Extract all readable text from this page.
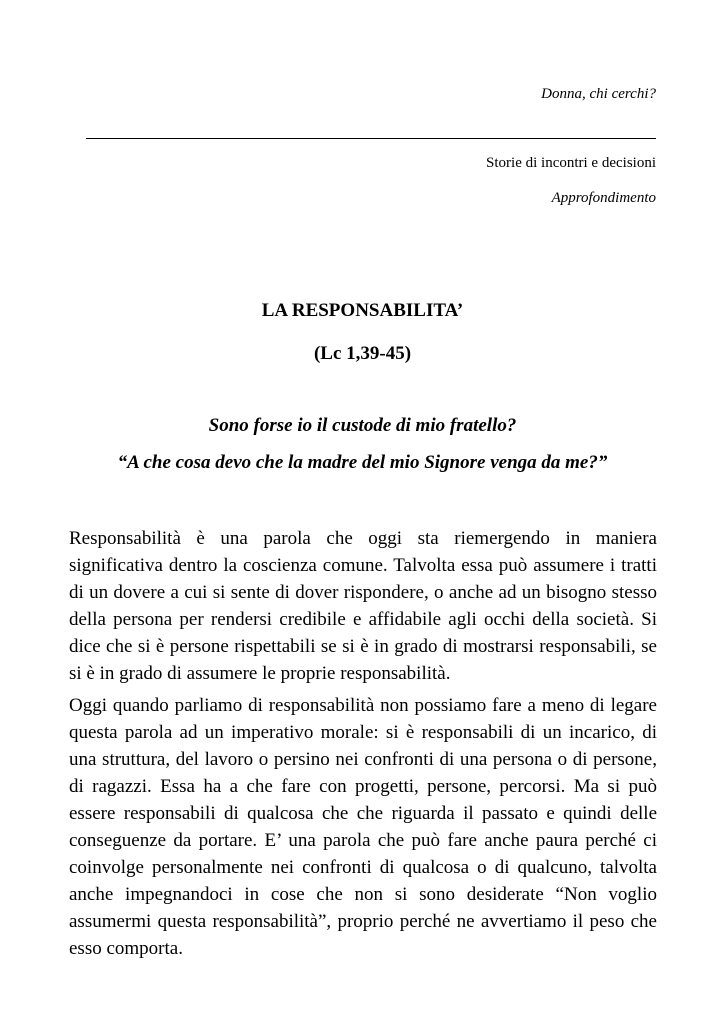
Donna, chi cerchi?
Storie di incontri e decisioni
Approfondimento
LA RESPONSABILITA’
(Lc 1,39-45)
Sono forse io il custode di mio fratello?
“A che cosa devo che la madre del mio Signore venga da me?”

Responsabilità è una parola che oggi sta riemergendo in maniera significativa dentro la coscienza comune. Talvolta essa può assumere i tratti di un dovere a cui si sente di dover rispondere, o anche ad un bisogno stesso della persona per rendersi credibile e affidabile agli occhi della società. Si dice che si è persone rispettabili se si è in grado di mostrarsi responsabili, se si è in grado di assumere le proprie responsabilità.

Oggi quando parliamo di responsabilità non possiamo fare a meno di legare questa parola ad un imperativo morale: si è responsabili di un incarico, di una struttura, del lavoro o persino nei confronti di una persona o di persone, di ragazzi. Essa ha a che fare con progetti, persone, percorsi. Ma si può essere responsabili di qualcosa che che riguarda il passato e quindi delle conseguenze da portare. E’ una parola che può fare anche paura perché ci coinvolge personalmente nei confronti di qualcosa o di qualcuno, talvolta anche impegnandoci in cose che non si sono desiderate “Non voglio assumermi questa responsabilità”, proprio perché ne avvertiamo il peso che esso comporta.
